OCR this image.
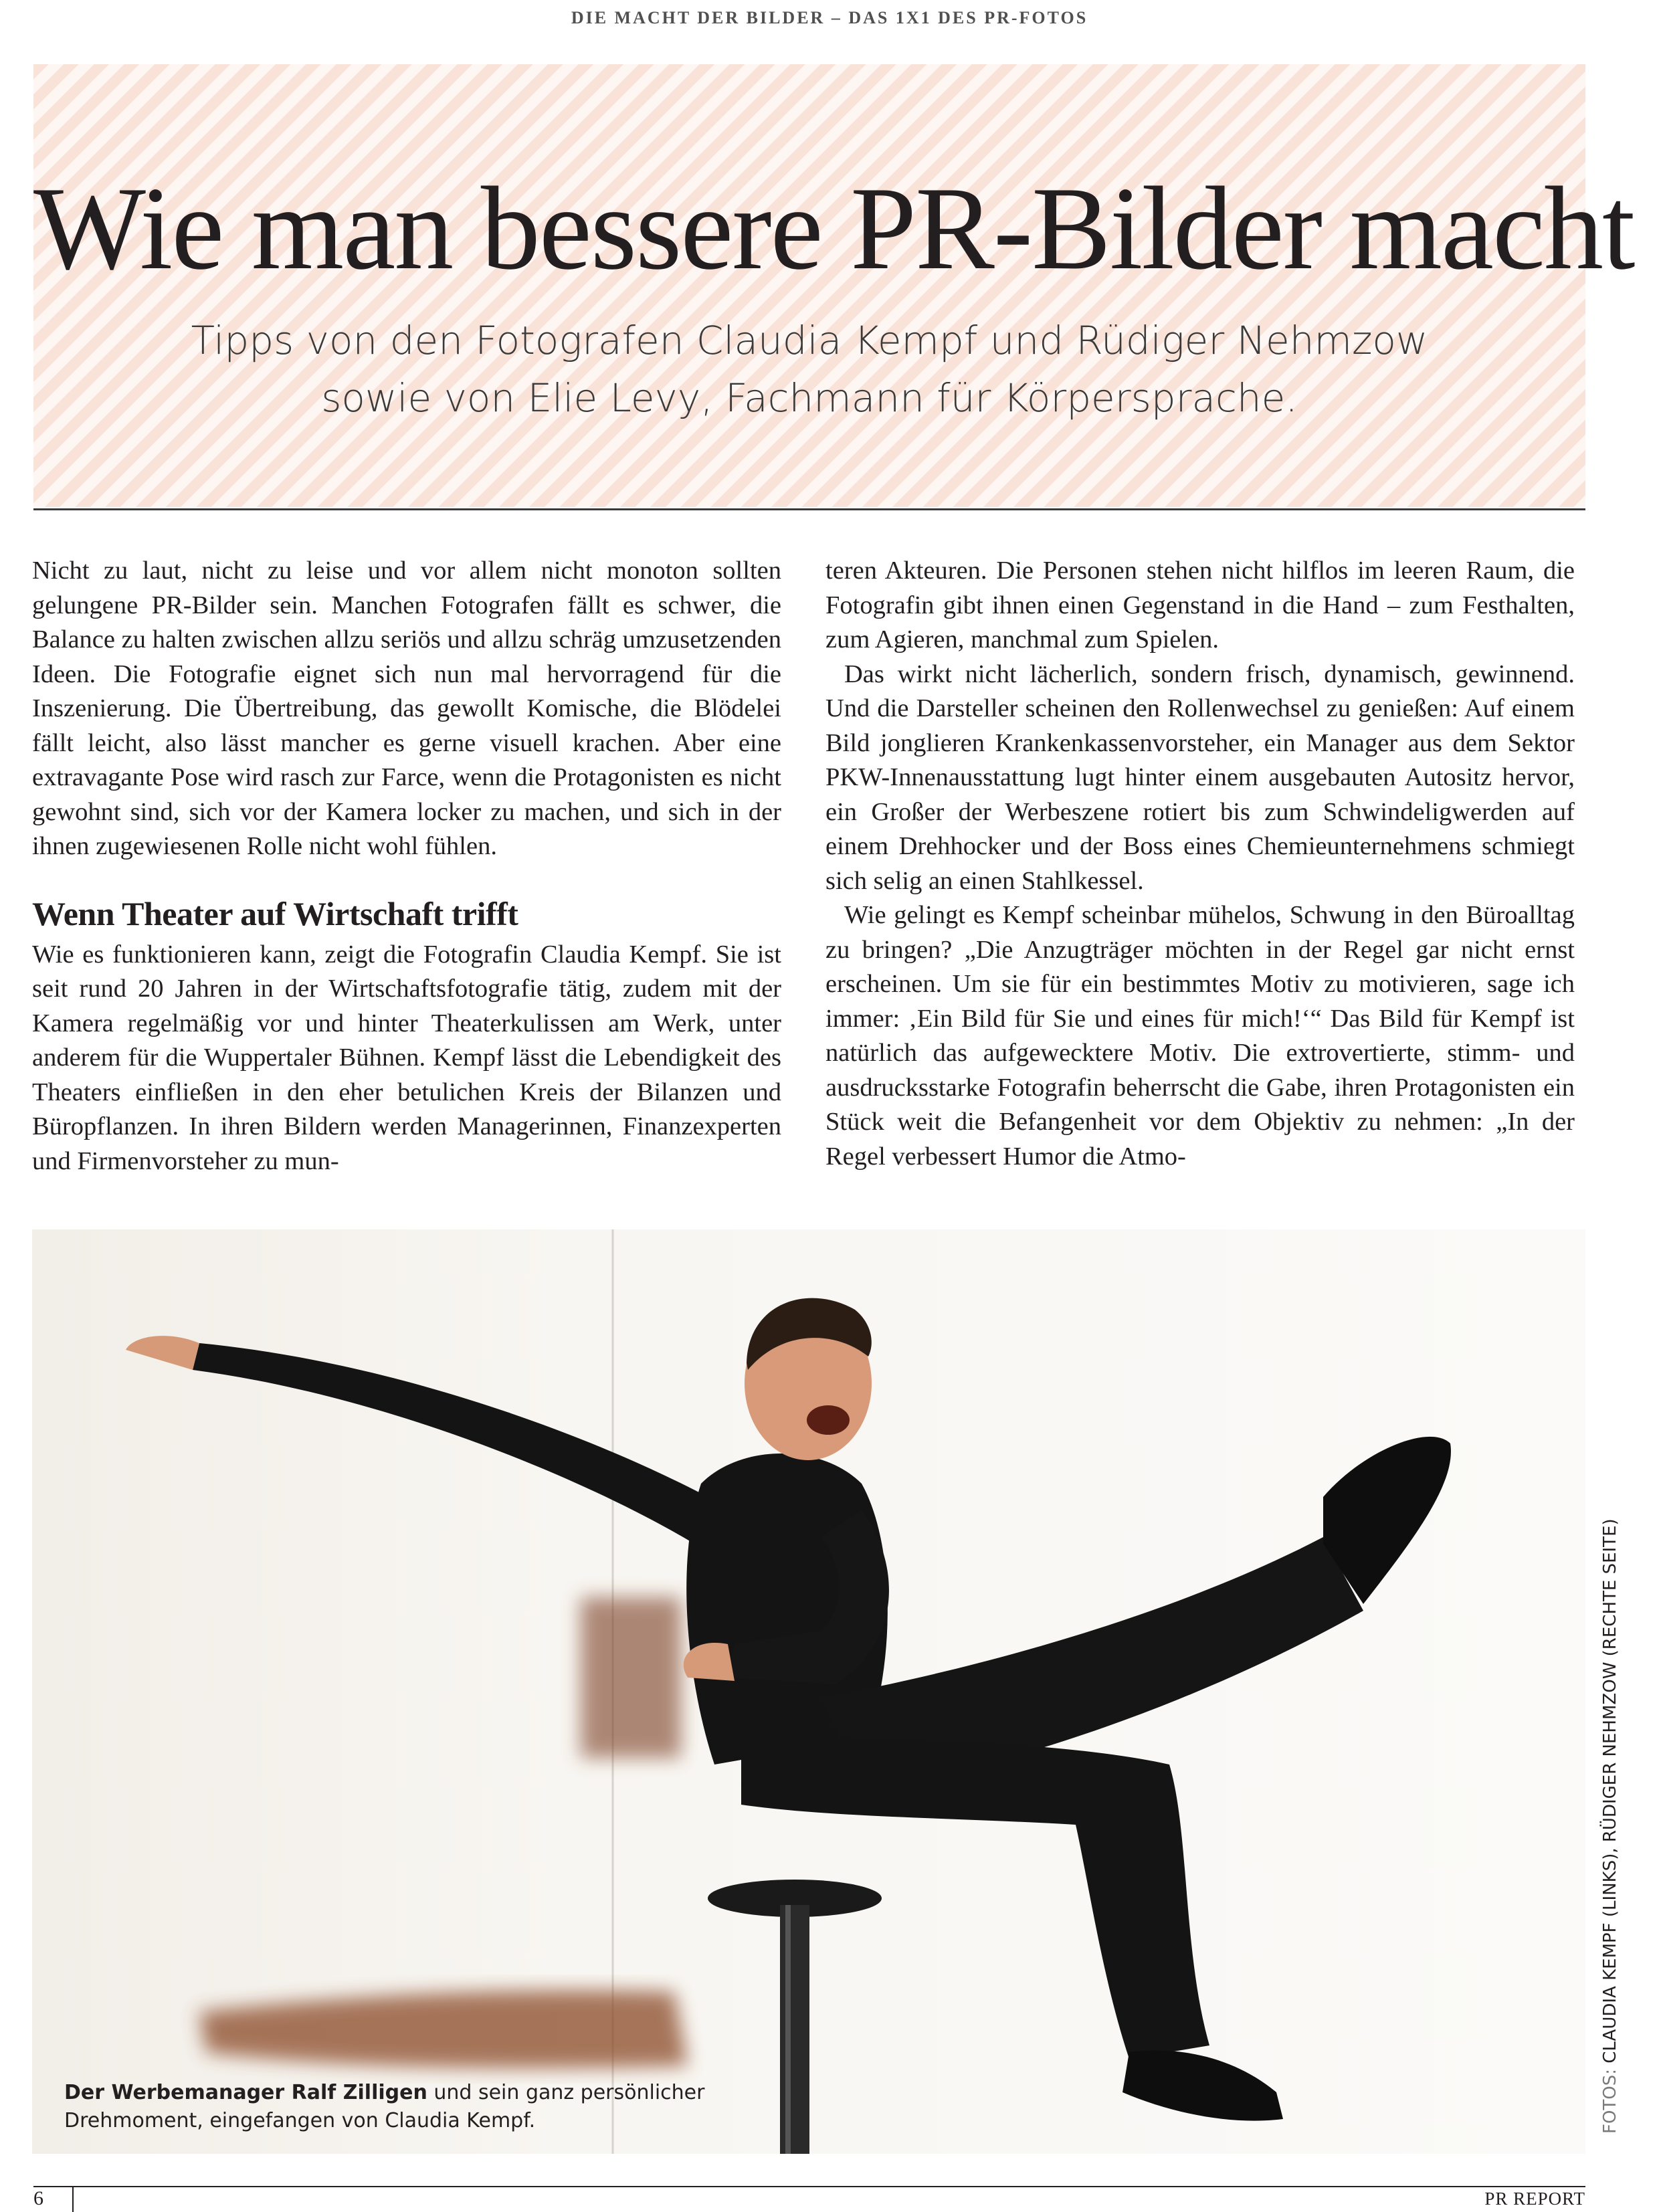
DIE MACHT DER BILDER – DAS 1X1 DES PR-FOTOS
Wie man bessere PR-Bilder macht
Tipps von den Fotografen Claudia Kempf und Rüdiger Nehmzow
sowie von Elie Levy, Fachmann für Körpersprache.

Nicht zu laut, nicht zu leise und vor allem nicht monoton sollten gelungene PR-Bilder sein. Manchen Fotografen fällt es schwer, die Balance zu halten zwischen allzu seriös und allzu schräg umzusetzenden Ideen. Die Fotografie eignet sich nun mal hervorragend für die Inszenierung. Die Übertreibung, das gewollt Komische, die Blödelei fällt leicht, also lässt mancher es gerne visuell krachen. Aber eine extravagante Pose wird rasch zur Farce, wenn die Protagonisten es nicht gewohnt sind, sich vor der Kamera locker zu machen, und sich in der ihnen zugewiesenen Rolle nicht wohl fühlen.

Wenn Theater auf Wirtschaft trifft

Wie es funktionieren kann, zeigt die Fotografin Claudia Kempf. Sie ist seit rund 20 Jahren in der Wirtschaftsfotografie tätig, zudem mit der Kamera regelmäßig vor und hinter Theaterkulissen am Werk, unter anderem für die Wuppertaler Bühnen. Kempf lässt die Lebendigkeit des Theaters einfließen in den eher betulichen Kreis der Bilanzen und Büropflanzen. In ihren Bildern werden Managerinnen, Finanzexperten und Firmenvorsteher zu mun-

teren Akteuren. Die Personen stehen nicht hilflos im leeren Raum, die Fotografin gibt ihnen einen Gegenstand in die Hand – zum Festhalten, zum Agieren, manchmal zum Spielen.

Das wirkt nicht lächerlich, sondern frisch, dynamisch, gewinnend. Und die Darsteller scheinen den Rollenwechsel zu genießen: Auf einem Bild jonglieren Krankenkassenvorsteher, ein Manager aus dem Sektor PKW-Innenausstattung lugt hinter einem ausgebauten Autositz hervor, ein Großer der Werbeszene rotiert bis zum Schwindeligwerden auf einem Drehhocker und der Boss eines Chemieunternehmens schmiegt sich selig an einen Stahlkessel.

Wie gelingt es Kempf scheinbar mühelos, Schwung in den Büroalltag zu bringen? „Die Anzugträger möchten in der Regel gar nicht ernst erscheinen. Um sie für ein bestimmtes Motiv zu motivieren, sage ich immer: ‚Ein Bild für Sie und eines für mich!‘“ Das Bild für Kempf ist natürlich das aufgewecktere Motiv. Die extrovertierte, stimm- und ausdrucksstarke Fotografin beherrscht die Gabe, ihren Protagonisten ein Stück weit die Befangenheit vor dem Objektiv zu nehmen: „In der Regel verbessert Humor die Atmo-

Der Werbemanager Ralf Zilligen und sein ganz persönlicher Drehmoment, eingefangen von Claudia Kempf.	FOTOS: CLAUDIA KEMPF (LINKS), RÜDIGER NEHMZOW (RECHTE SEITE)
6	PR REPORT
